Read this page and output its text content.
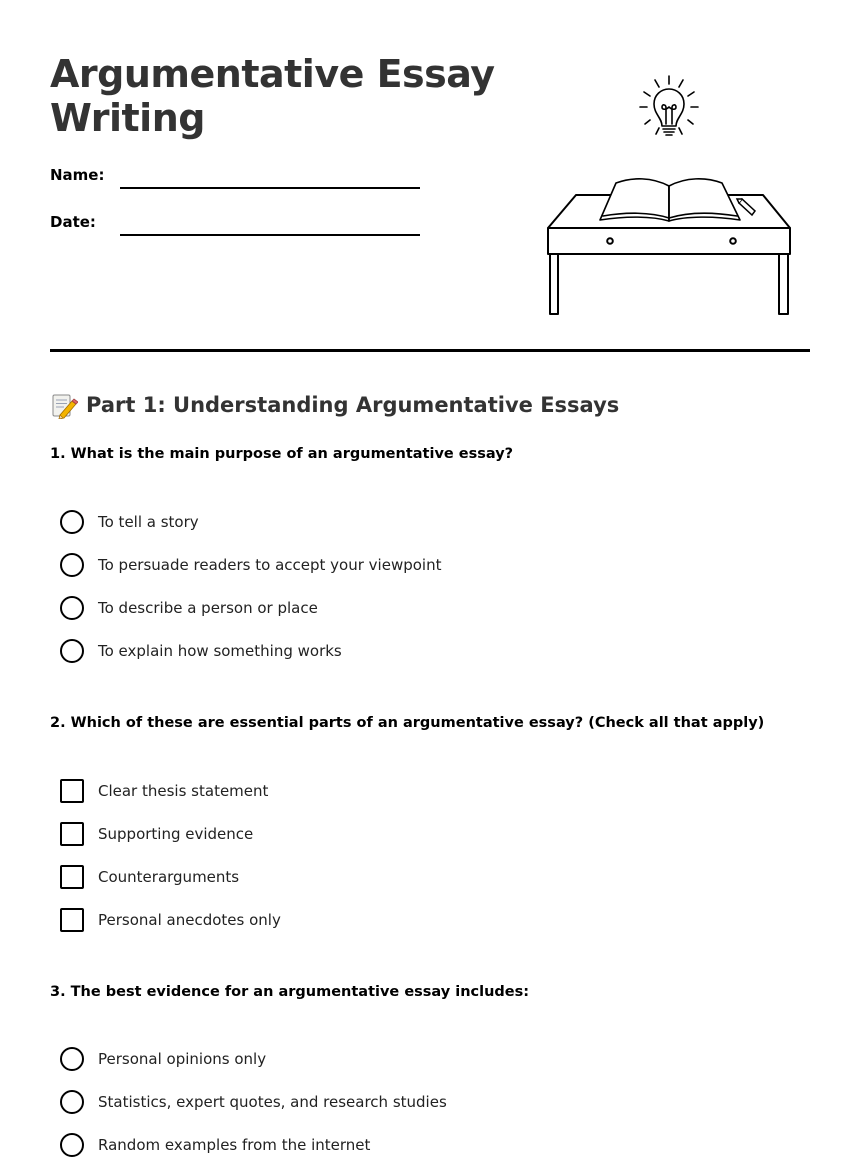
Argumentative Essay Writing
Name:
Date:
Part 1: Understanding Argumentative Essays
1. What is the main purpose of an argumentative essay?
To tell a story
To persuade readers to accept your viewpoint
To describe a person or place
To explain how something works
2. Which of these are essential parts of an argumentative essay? (Check all that apply)
Clear thesis statement
Supporting evidence
Counterarguments
Personal anecdotes only
3. The best evidence for an argumentative essay includes:
Personal opinions only
Statistics, expert quotes, and research studies
Random examples from the internet
